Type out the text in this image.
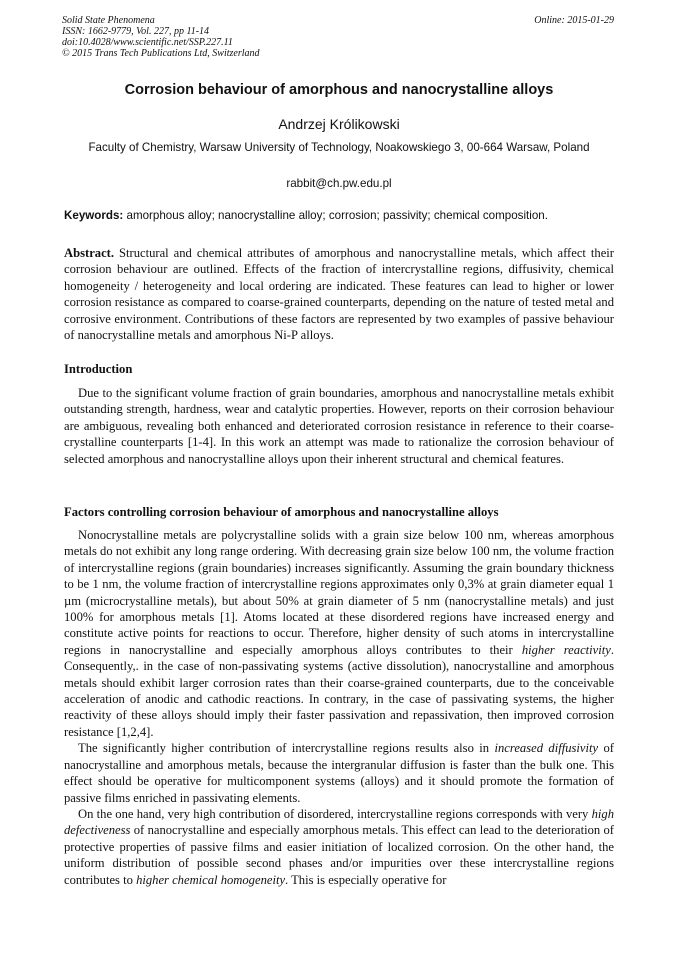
Solid State Phenomena
ISSN: 1662-9779, Vol. 227, pp 11-14
doi:10.4028/www.scientific.net/SSP.227.11
© 2015 Trans Tech Publications Ltd, Switzerland
Online: 2015-01-29
Corrosion behaviour of amorphous and nanocrystalline alloys
Andrzej Królikowski
Faculty of Chemistry, Warsaw University of Technology, Noakowskiego 3, 00-664 Warsaw, Poland
rabbit@ch.pw.edu.pl
Keywords: amorphous alloy; nanocrystalline alloy; corrosion; passivity; chemical composition.

Abstract. Structural and chemical attributes of amorphous and nanocrystalline metals, which affect their corrosion behaviour are outlined. Effects of the fraction of intercrystalline regions, diffusivity, chemical homogeneity / heterogeneity and local ordering are indicated. These features can lead to higher or lower corrosion resistance as compared to coarse-grained counterparts, depending on the nature of tested metal and corrosive environment. Contributions of these factors are represented by two examples of passive behaviour of nanocrystalline metals and amorphous Ni-P alloys.

Introduction

Due to the significant volume fraction of grain boundaries, amorphous and nanocrystalline metals exhibit outstanding strength, hardness, wear and catalytic properties. However, reports on their corrosion behaviour are ambiguous, revealing both enhanced and deteriorated corrosion resistance in reference to their coarse-crystalline counterparts [1-4]. In this work an attempt was made to rationalize the corrosion behaviour of selected amorphous and nanocrystalline alloys upon their inherent structural and chemical features.

Factors controlling corrosion behaviour of amorphous and nanocrystalline alloys

Nonocrystalline metals are polycrystalline solids with a grain size below 100 nm, whereas amorphous metals do not exhibit any long range ordering. With decreasing grain size below 100 nm, the volume fraction of intercrystalline regions (grain boundaries) increases significantly. Assuming the grain boundary thickness to be 1 nm, the volume fraction of intercrystalline regions approximates only 0,3% at grain diameter equal 1 µm (microcrystalline metals), but about 50% at grain diameter of 5 nm (nanocrystalline metals) and just 100% for amorphous metals [1]. Atoms located at these disordered regions have increased energy and constitute active points for reactions to occur. Therefore, higher density of such atoms in intercrystalline regions in nanocrystalline and especially amorphous alloys contributes to their higher reactivity. Consequently,. in the case of non-passivating systems (active dissolution), nanocrystalline and amorphous metals should exhibit larger corrosion rates than their coarse-grained counterparts, due to the conceivable acceleration of anodic and cathodic reactions. In contrary, in the case of passivating systems, the higher reactivity of these alloys should imply their faster passivation and repassivation, then improved corrosion resistance [1,2,4].

The significantly higher contribution of intercrystalline regions results also in increased diffusivity of nanocrystalline and amorphous metals, because the intergranular diffusion is faster than the bulk one. This effect should be operative for multicomponent systems (alloys) and it should promote the formation of passive films enriched in passivating elements.

On the one hand, very high contribution of disordered, intercrystalline regions corresponds with very high defectiveness of nanocrystalline and especially amorphous metals. This effect can lead to the deterioration of protective properties of passive films and easier initiation of localized corrosion. On the other hand, the uniform distribution of possible second phases and/or impurities over these intercrystalline regions contributes to higher chemical homogeneity. This is especially operative for
